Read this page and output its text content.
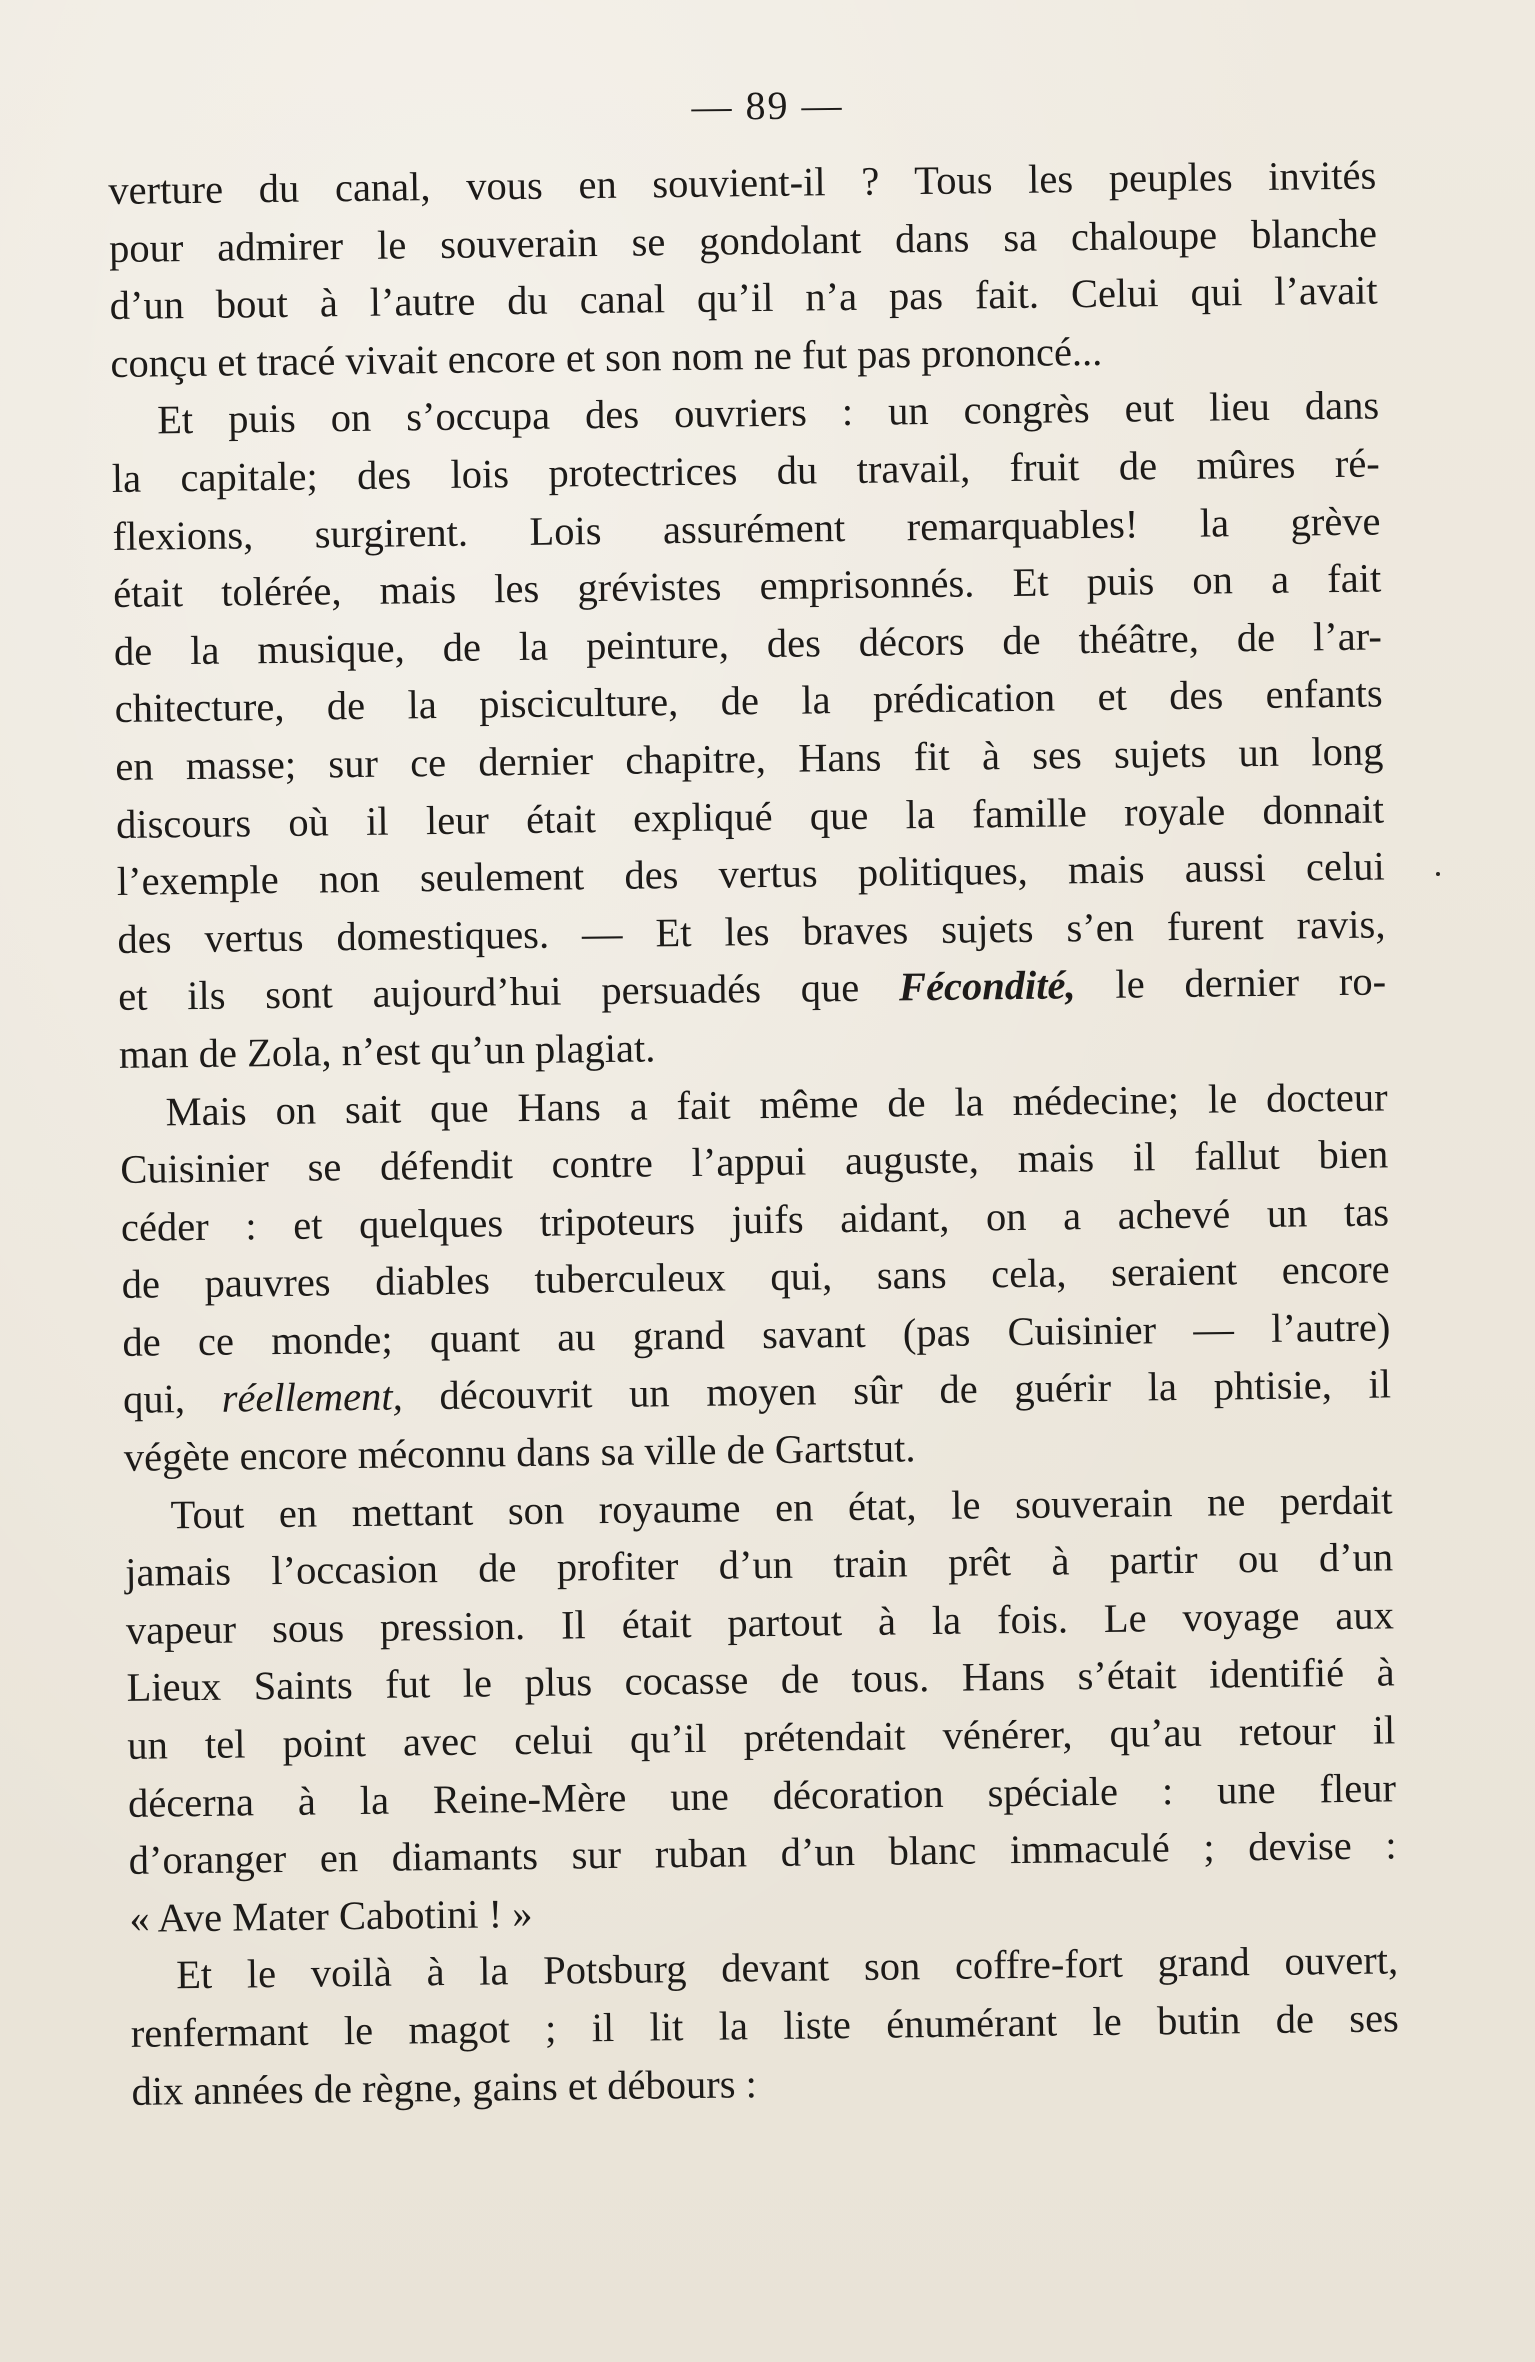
— 89 —

verture du canal, vous en souvient-il ? Tous les peuples invités
pour admirer le souverain se gondolant dans sa chaloupe blanche
d’un bout à l’autre du canal qu’il n’a pas fait. Celui qui l’avait
conçu et tracé vivait encore et son nom ne fut pas prononcé...

Et puis on s’occupa des ouvriers : un congrès eut lieu dans
la capitale; des lois protectrices du travail, fruit de mûres ré-
flexions, surgirent. Lois assurément remarquables! la grève
était tolérée, mais les grévistes emprisonnés. Et puis on a fait
de la musique, de la peinture, des décors de théâtre, de l’ar-
chitecture, de la pisciculture, de la prédication et des enfants
en masse; sur ce dernier chapitre, Hans fit à ses sujets un long
discours où il leur était expliqué que la famille royale donnait
l’exemple non seulement des vertus politiques, mais aussi celui
des vertus domestiques. — Et les braves sujets s’en furent ravis,
et ils sont aujourd’hui persuadés que Fécondité, le dernier ro-
man de Zola, n’est qu’un plagiat.

Mais on sait que Hans a fait même de la médecine; le docteur
Cuisinier se défendit contre l’appui auguste, mais il fallut bien
céder : et quelques tripoteurs juifs aidant, on a achevé un tas
de pauvres diables tuberculeux qui, sans cela, seraient encore
de ce monde; quant au grand savant (pas Cuisinier — l’autre)
qui, réellement, découvrit un moyen sûr de guérir la phtisie, il
végète encore méconnu dans sa ville de Gartstut.

Tout en mettant son royaume en état, le souverain ne perdait
jamais l’occasion de profiter d’un train prêt à partir ou d’un
vapeur sous pression. Il était partout à la fois. Le voyage aux
Lieux Saints fut le plus cocasse de tous. Hans s’était identifié à
un tel point avec celui qu’il prétendait vénérer, qu’au retour il
décerna à la Reine-Mère une décoration spéciale : une fleur
d’oranger en diamants sur ruban d’un blanc immaculé ; devise :
« Ave Mater Cabotini ! »

Et le voilà à la Potsburg devant son coffre-fort grand ouvert,
renfermant le magot ; il lit la liste énumérant le butin de ses
dix années de règne, gains et débours :
